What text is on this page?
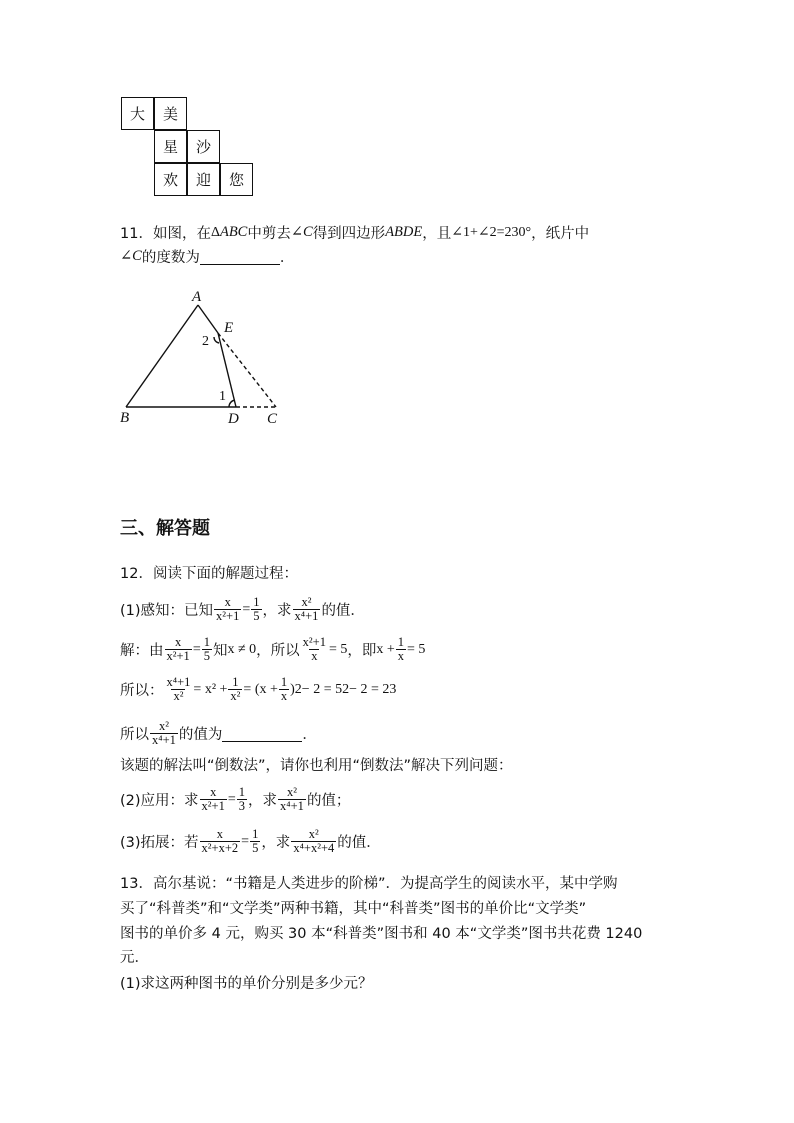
大	美
星	沙
欢	迎	您
11．如图，在 Δ ABC 中剪去 ∠C 得到四边形 ABDE ，且 ∠1+∠2=230° ，纸片中
∠C 的度数为	．
A
E
2
1
B	D C
三、解答题
12．阅读下面的解题过程：
(1)感知：已知 $\frac{x}{\text{x²+1}} = \frac{1}{5}$ ，求 $\frac{\text{x²}}{\text{x⁴+1}}$ 的值．
解：由 $\frac{x}{\text{x²+1}} = \frac{1}{5}$ 知 x ≠ 0 ，所以 $\frac{\text{x²+1}}{x} = 5$ ，即 $x + \frac{1}{x} = 5$
所以： $\frac{\text{x⁴+1}}{\text{x²}} = x^2 + \frac{1}{\text{x²}} = (x + \frac{1}{x}$ ) 2 − 2 = 5 2 − 2 = 23
所以 $\frac{\text{x²}}{\text{x⁴+1}}$ 的值为	．
该题的解法叫“倒数法”，请你也利用“倒数法”解决下列问题：
(2)应用：求 $\frac{x}{\text{x²+1}} = \frac{1}{3}$ ，求 $\frac{\text{x²}}{\text{x⁴+1}}$ 的值；
(3)拓展：若 $\frac{x}{\text{x²+x+2}} = \frac{1}{5}$ ，求 $\frac{\text{x²}}{\text{x⁴+x²+4}}$ 的值．
13．高尔基说：“书籍是人类进步的阶梯”．为提高学生的阅读水平，某中学购
买了“科普类”和“文学类”两种书籍，其中“科普类”图书的单价比“文学类”
图书的单价多 4 元，购买 30 本“科普类”图书和 40 本“文学类”图书共花费 1240
元．
(1)求这两种图书的单价分别是多少元？
